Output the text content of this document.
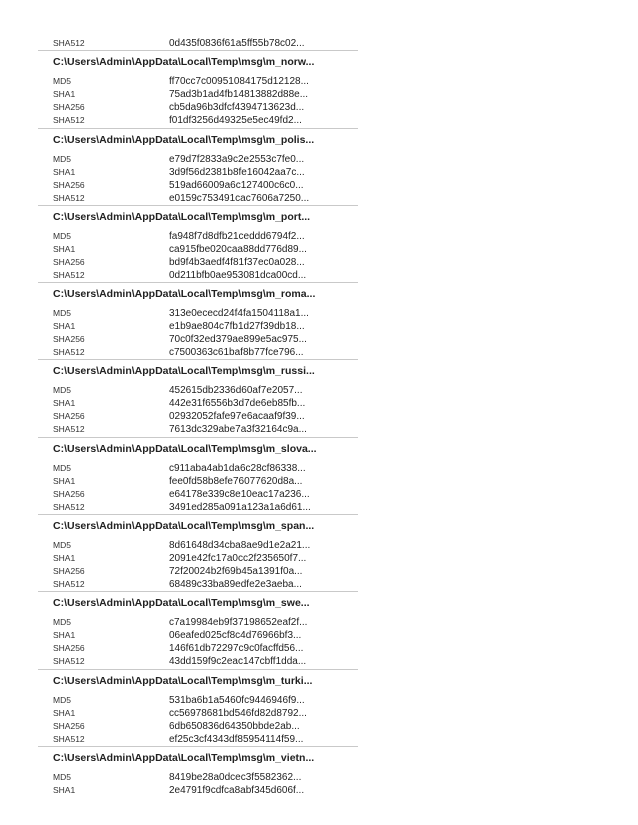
SHA512	0d435f0836f61a5ff55b78c02...
C:\Users\Admin\AppData\Local\Temp\msg\m_norw...
MD5	ff70cc7c00951084175d12128...
SHA1	75ad3b1ad4fb14813882d88e...
SHA256	cb5da96b3dfcf4394713623d...
SHA512	f01df3256d49325e5ec49fd2...
C:\Users\Admin\AppData\Local\Temp\msg\m_polis...
MD5	e79d7f2833a9c2e2553c7fe0...
SHA1	3d9f56d2381b8fe16042aa7c...
SHA256	519ad66009a6c127400c6c0...
SHA512	e0159c753491cac7606a7250...
C:\Users\Admin\AppData\Local\Temp\msg\m_port...
MD5	fa948f7d8dfb21ceddd6794f2...
SHA1	ca915fbe020caa88dd776d89...
SHA256	bd9f4b3aedf4f81f37ec0a028...
SHA512	0d211bfb0ae953081dca00cd...
C:\Users\Admin\AppData\Local\Temp\msg\m_roma...
MD5	313e0ececd24f4fa1504118a1...
SHA1	e1b9ae804c7fb1d27f39db18...
SHA256	70c0f32ed379ae899e5ac975...
SHA512	c7500363c61baf8b77fce796...
C:\Users\Admin\AppData\Local\Temp\msg\m_russi...
MD5	452615db2336d60af7e2057...
SHA1	442e31f6556b3d7de6eb85fb...
SHA256	02932052fafe97e6acaaf9f39...
SHA512	7613dc329abe7a3f32164c9a...
C:\Users\Admin\AppData\Local\Temp\msg\m_slova...
MD5	c911aba4ab1da6c28cf86338...
SHA1	fee0fd58b8efe76077620d8a...
SHA256	e64178e339c8e10eac17a236...
SHA512	3491ed285a091a123a1a6d61...
C:\Users\Admin\AppData\Local\Temp\msg\m_span...
MD5	8d61648d34cba8ae9d1e2a21...
SHA1	2091e42fc17a0cc2f235650f7...
SHA256	72f20024b2f69b45a1391f0a...
SHA512	68489c33ba89edfe2e3aeba...
C:\Users\Admin\AppData\Local\Temp\msg\m_swe...
MD5	c7a19984eb9f37198652eaf2f...
SHA1	06eafed025cf8c4d76966bf3...
SHA256	146f61db72297c9c0facffd56...
SHA512	43dd159f9c2eac147cbff1dda...
C:\Users\Admin\AppData\Local\Temp\msg\m_turki...
MD5	531ba6b1a5460fc9446946f9...
SHA1	cc56978681bd546fd82d8792...
SHA256	6db650836d64350bbde2ab...
SHA512	ef25c3cf4343df85954114f59...
C:\Users\Admin\AppData\Local\Temp\msg\m_vietn...
MD5	8419be28a0dcec3f5582362...
SHA1	2e4791f9cdfca8abf345d606f...
